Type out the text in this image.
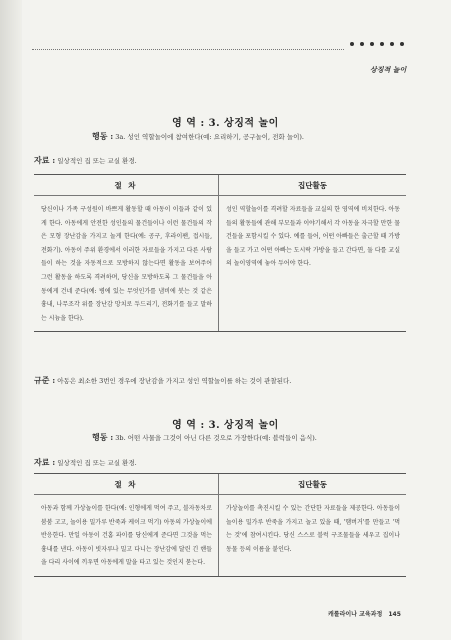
상징적 놀이
영 역 : 3. 상징적 놀이
행동 : 3a. 성인 역할놀이에 참여한다(예: 요리하기, 공구놀이, 전화 놀이).
자료 : 일상적인 집 또는 교실 환경.
절 차	집단활동
당신이나 가족 구성원이 바쁘게 활동할 때 아동이 이들과 같이 있게 한다. 아동에게 안전한 성인들의 물건들이나 이런 물건들의 작은 모형 장난감을 가지고 놀게 한다(예: 공구, 후라이팬, 접시들, 전화기). 아동이 주위 환경에서 이러한 자료들을 가지고 다른 사람들이 하는 것을 자동적으로 모방하지 않는다면 활동을 보여주어 그런 활동을 하도록 격려하며, 당신을 모방하도록 그 물건들을 아동에게 건네 준다(예: 병에 있는 무엇인가를 냄비에 붓는 것 같은 흉내, 나무조각 위를 장난감 망치로 두드리기, 전화기를 들고 말하는 시늉을 한다).
성인 역할놀이를 격려할 자료들을 교실의 한 영역에 비치한다. 아동들의 활동들에 관해 부모들과 이야기해서 각 아동을 자극할 만한 물건들을 포함시킬 수 있다. 예를 들어, 어떤 아빠들은 출근할 때 가방을 들고 가고 어떤 아빠는 도시락 가방을 들고 간다면, 둘 다를 교실의 놀이영역에 놓아 두어야 한다.
규준 : 아동은 최소한 3번인 경우에 장난감을 가지고 성인 역할놀이를 하는 것이 관찰된다.
영 역 : 3. 상징적 놀이
행동 : 3b. 어떤 사물을 그것이 아닌 다른 것으로 가장한다(예: 블럭들이 음식).
자료 : 일상적인 집 또는 교실 환경.
절 차	집단활동
아동과 함께 가상놀이를 한다(예: 인형에게 먹여 주고, 블자동차로 붐붐 고고, 놀이용 밀가루 반죽과 케이크 먹기) 아동의 가상놀이에 반응한다. 만일 아동이 건홈 파이를 당신에게 준다면 그것을 먹는 흉내를 낸다. 아동이 빗자루나 밀고 다니는 장난감에 달린 긴 핸들을 다리 사이에 끼우면 아동에게 말을 타고 있는 것인지 묻는다.
가상놀이를 촉진시킬 수 있는 간단한 자료들을 제공한다. 아동들이 놀이용 밀가루 반죽을 가지고 놀고 있을 때, '햄버거'를 만들고 '먹는 것'에 참여시킨다. 당신 스스로 블럭 구조물들을 세우고 집이나 동물 등의 이름을 붙인다.
캐롤라이나 교육과정 145
